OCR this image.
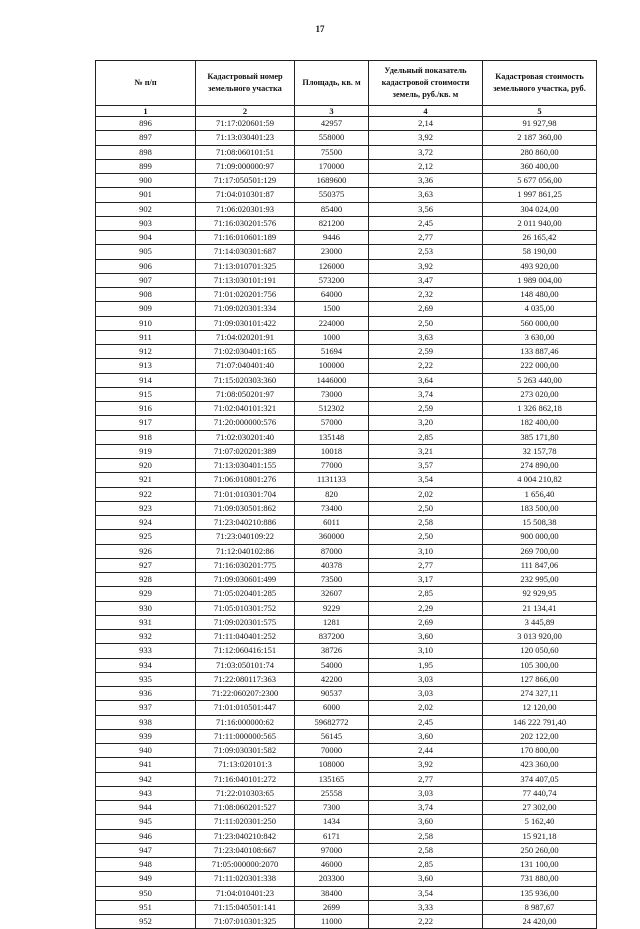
17
№ п/п	Кадастровый номер земельного участка	Площадь, кв. м	Удельный показатель кадастровой стоимости земель, руб./кв. м	Кадастровая стоимость земельного участка, руб.
1	2	3	4	5
896	71:17:020601:59	42957	2,14	91 927,98
897	71:13:030401:23	558000	3,92	2 187 360,00
898	71:08:060101:51	75500	3,72	280 860,00
899	71:09:000000:97	170000	2,12	360 400,00
900	71:17:050501:129	1689600	3,36	5 677 056,00
901	71:04:010301:87	550375	3,63	1 997 861,25
902	71:06:020301:93	85400	3,56	304 024,00
903	71:16:030201:576	821200	2,45	2 011 940,00
904	71:16:010601:189	9446	2,77	26 165,42
905	71:14:030301:687	23000	2,53	58 190,00
906	71:13:010701:325	126000	3,92	493 920,00
907	71:13:030101:191	573200	3,47	1 989 004,00
908	71:01:020201:756	64000	2,32	148 480,00
909	71:09:020301:334	1500	2,69	4 035,00
910	71:09:030101:422	224000	2,50	560 000,00
911	71:04:020201:91	1000	3,63	3 630,00
912	71:02:030401:165	51694	2,59	133 887,46
913	71:07:040401:40	100000	2,22	222 000,00
914	71:15:020303:360	1446000	3,64	5 263 440,00
915	71:08:050201:97	73000	3,74	273 020,00
916	71:02:040101:321	512302	2,59	1 326 862,18
917	71:20:000000:576	57000	3,20	182 400,00
918	71:02:030201:40	135148	2,85	385 171,80
919	71:07:020201:389	10018	3,21	32 157,78
920	71:13:030401:155	77000	3,57	274 890,00
921	71:06:010801:276	1131133	3,54	4 004 210,82
922	71:01:010301:704	820	2,02	1 656,40
923	71:09:030501:862	73400	2,50	183 500,00
924	71:23:040210:886	6011	2,58	15 508,38
925	71:23:040109:22	360000	2,50	900 000,00
926	71:12:040102:86	87000	3,10	269 700,00
927	71:16:030201:775	40378	2,77	111 847,06
928	71:09:030601:499	73500	3,17	232 995,00
929	71:05:020401:285	32607	2,85	92 929,95
930	71:05:010301:752	9229	2,29	21 134,41
931	71:09:020301:575	1281	2,69	3 445,89
932	71:11:040401:252	837200	3,60	3 013 920,00
933	71:12:060416:151	38726	3,10	120 050,60
934	71:03:050101:74	54000	1,95	105 300,00
935	71:22:080117:363	42200	3,03	127 866,00
936	71:22:060207:2300	90537	3,03	274 327,11
937	71:01:010501:447	6000	2,02	12 120,00
938	71:16:000000:62	59682772	2,45	146 222 791,40
939	71:11:000000:565	56145	3,60	202 122,00
940	71:09:030301:582	70000	2,44	170 800,00
941	71:13:020101:3	108000	3,92	423 360,00
942	71:16:040101:272	135165	2,77	374 407,05
943	71:22:010303:65	25558	3,03	77 440,74
944	71:08:060201:527	7300	3,74	27 302,00
945	71:11:020301:250	1434	3,60	5 162,40
946	71:23:040210:842	6171	2,58	15 921,18
947	71:23:040108:667	97000	2,58	250 260,00
948	71:05:000000:2070	46000	2,85	131 100,00
949	71:11:020301:338	203300	3,60	731 880,00
950	71:04:010401:23	38400	3,54	135 936,00
951	71:15:040501:141	2699	3,33	8 987,67
952	71:07:010301:325	11000	2,22	24 420,00
